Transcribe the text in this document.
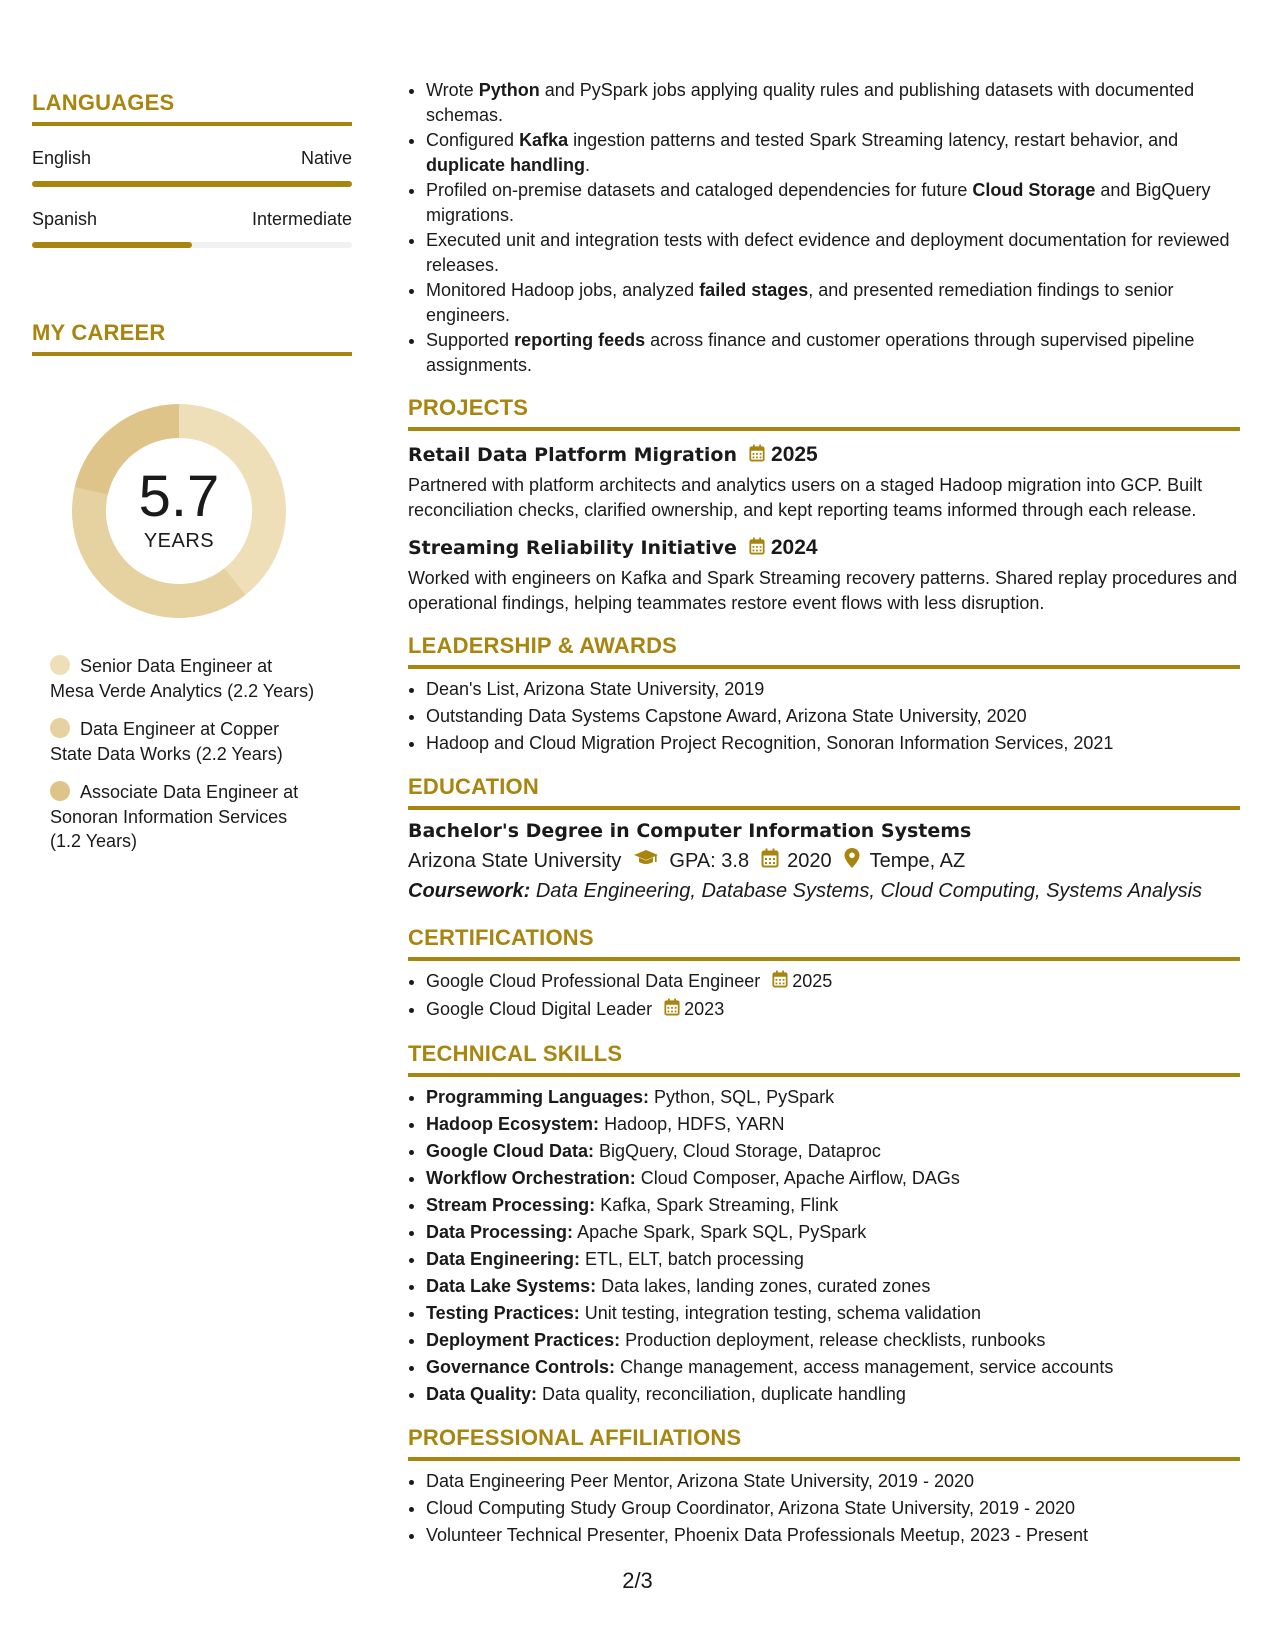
LANGUAGES
English	Native
Spanish	Intermediate
MY CAREER
5.7
YEARS
Senior Data Engineer at Mesa Verde Analytics (2.2 Years)
Data Engineer at Copper State Data Works (2.2 Years)
Associate Data Engineer at Sonoran Information Services (1.2 Years)
• Wrote Python and PySpark jobs applying quality rules and publishing datasets with documented schemas.
• Configured Kafka ingestion patterns and tested Spark Streaming latency, restart behavior, and duplicate handling.
• Profiled on-premise datasets and cataloged dependencies for future Cloud Storage and BigQuery migrations.
• Executed unit and integration tests with defect evidence and deployment documentation for reviewed releases.
• Monitored Hadoop jobs, analyzed failed stages, and presented remediation findings to senior engineers.
• Supported reporting feeds across finance and customer operations through supervised pipeline assignments.
PROJECTS
Retail Data Platform Migration 2025
Partnered with platform architects and analytics users on a staged Hadoop migration into GCP. Built reconciliation checks, clarified ownership, and kept reporting teams informed through each release.
Streaming Reliability Initiative 2024
Worked with engineers on Kafka and Spark Streaming recovery patterns. Shared replay procedures and operational findings, helping teammates restore event flows with less disruption.
LEADERSHIP & AWARDS
• Dean's List, Arizona State University, 2019
• Outstanding Data Systems Capstone Award, Arizona State University, 2020
• Hadoop and Cloud Migration Project Recognition, Sonoran Information Services, 2021
EDUCATION
Bachelor's Degree in Computer Information Systems
Arizona State University GPA: 3.8 2020 Tempe, AZ
Coursework: Data Engineering, Database Systems, Cloud Computing, Systems Analysis
CERTIFICATIONS
• Google Cloud Professional Data Engineer 2025
• Google Cloud Digital Leader 2023
TECHNICAL SKILLS
• Programming Languages: Python, SQL, PySpark
• Hadoop Ecosystem: Hadoop, HDFS, YARN
• Google Cloud Data: BigQuery, Cloud Storage, Dataproc
• Workflow Orchestration: Cloud Composer, Apache Airflow, DAGs
• Stream Processing: Kafka, Spark Streaming, Flink
• Data Processing: Apache Spark, Spark SQL, PySpark
• Data Engineering: ETL, ELT, batch processing
• Data Lake Systems: Data lakes, landing zones, curated zones
• Testing Practices: Unit testing, integration testing, schema validation
• Deployment Practices: Production deployment, release checklists, runbooks
• Governance Controls: Change management, access management, service accounts
• Data Quality: Data quality, reconciliation, duplicate handling
PROFESSIONAL AFFILIATIONS
• Data Engineering Peer Mentor, Arizona State University, 2019 - 2020
• Cloud Computing Study Group Coordinator, Arizona State University, 2019 - 2020
• Volunteer Technical Presenter, Phoenix Data Professionals Meetup, 2023 - Present
2/3
